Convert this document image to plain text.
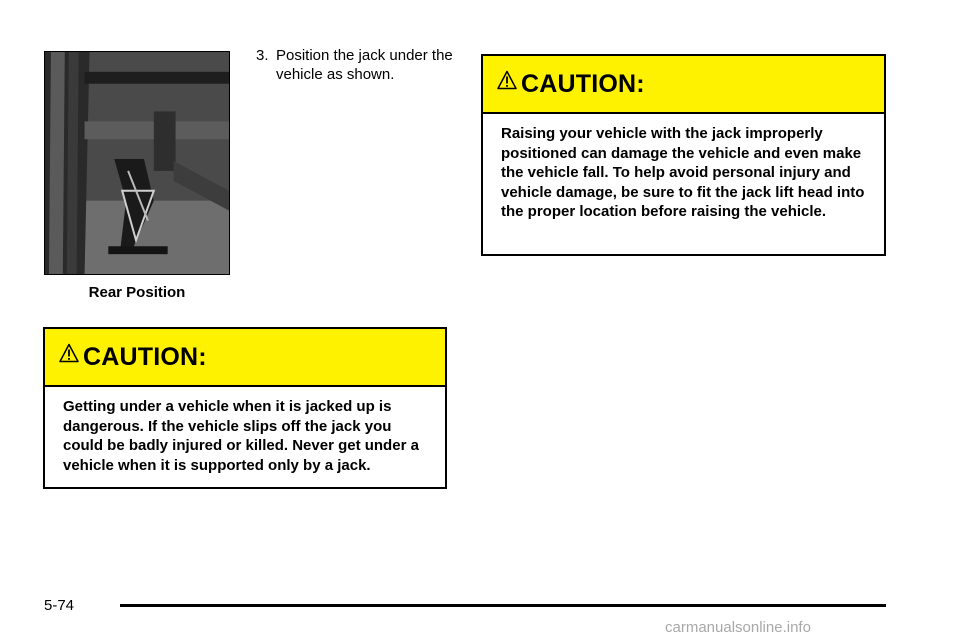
Rear Position
3. Position the jack under the vehicle as shown.
CAUTION:
Getting under a vehicle when it is jacked up is dangerous. If the vehicle slips off the jack you could be badly injured or killed. Never get under a vehicle when it is supported only by a jack.
CAUTION:
Raising your vehicle with the jack improperly positioned can damage the vehicle and even make the vehicle fall. To help avoid personal injury and vehicle damage, be sure to fit the jack lift head into the proper location before raising the vehicle.
5-74
carmanualsonline.info
